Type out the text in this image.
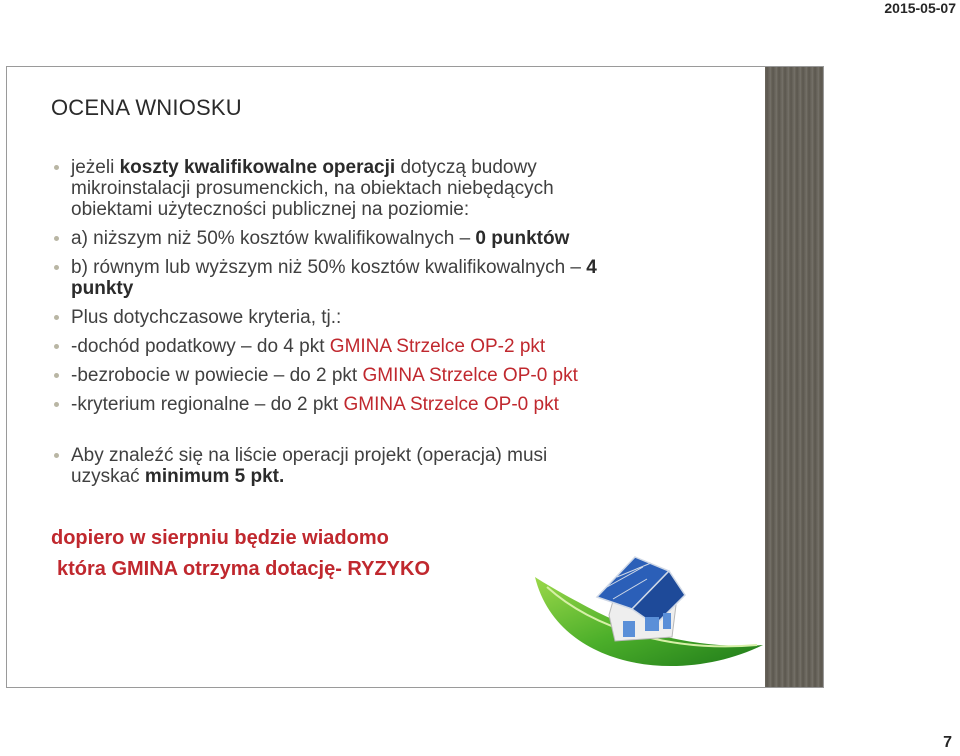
2015-05-07
OCENA WNIOSKU
jeżeli koszty kwalifikowalne operacji dotyczą budowy
mikroinstalacji prosumenckich, na obiektach niebędących
obiektami użyteczności publicznej na poziomie:
a) niższym niż 50% kosztów kwalifikowalnych – 0 punktów
b) równym lub wyższym niż 50% kosztów kwalifikowalnych – 4
punkty
Plus dotychczasowe kryteria, tj.:
-dochód podatkowy – do 4 pkt GMINA Strzelce OP-2 pkt
-bezrobocie w powiecie – do 2 pkt GMINA Strzelce OP-0 pkt
-kryterium regionalne – do 2 pkt GMINA Strzelce OP-0 pkt
Aby znaleźć się na liście operacji projekt (operacja) musi
uzyskać minimum 5 pkt.
dopiero w sierpniu będzie wiadomo
która GMINA otrzyma dotację- RYZYKO
7
